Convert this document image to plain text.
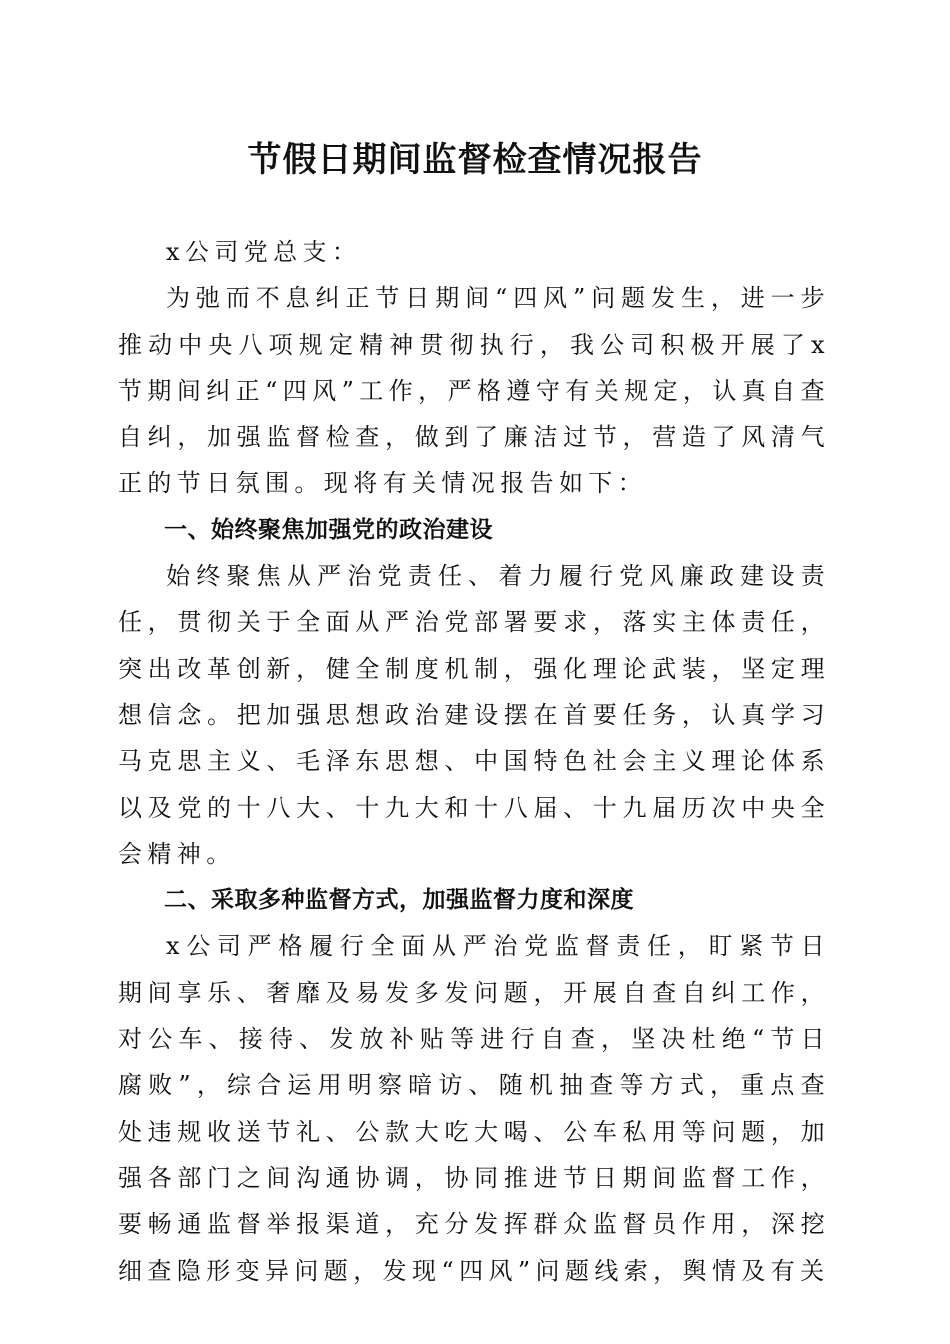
节假日期间监督检查情况报告

x公司党总支：

为弛而不息纠正节日期间“四风”问题发生，进一步推动中央八项规定精神贯彻执行，我公司积极开展了x节期间纠正“四风”工作，严格遵守有关规定，认真自查自纠，加强监督检查，做到了廉洁过节，营造了风清气正的节日氛围。现将有关情况报告如下：

一、始终聚焦加强党的政治建设

始终聚焦从严治党责任、着力履行党风廉政建设责任，贯彻关于全面从严治党部署要求，落实主体责任，突出改革创新，健全制度机制，强化理论武装，坚定理想信念。把加强思想政治建设摆在首要任务，认真学习马克思主义、毛泽东思想、中国特色社会主义理论体系以及党的十八大、十九大和十八届、十九届历次中央全会精神。

二、采取多种监督方式，加强监督力度和深度

x公司严格履行全面从严治党监督责任，盯紧节日期间享乐、奢靡及易发多发问题，开展自查自纠工作，对公车、接待、发放补贴等进行自查，坚决杜绝“节日腐败”，综合运用明察暗访、随机抽查等方式，重点查处违规收送节礼、公款大吃大喝、公车私用等问题，加强各部门之间沟通协调，协同推进节日期间监督工作，要畅通监督举报渠道，充分发挥群众监督员作用，深挖细查隐形变异问题，发现“四风”问题线索，舆情及有关
